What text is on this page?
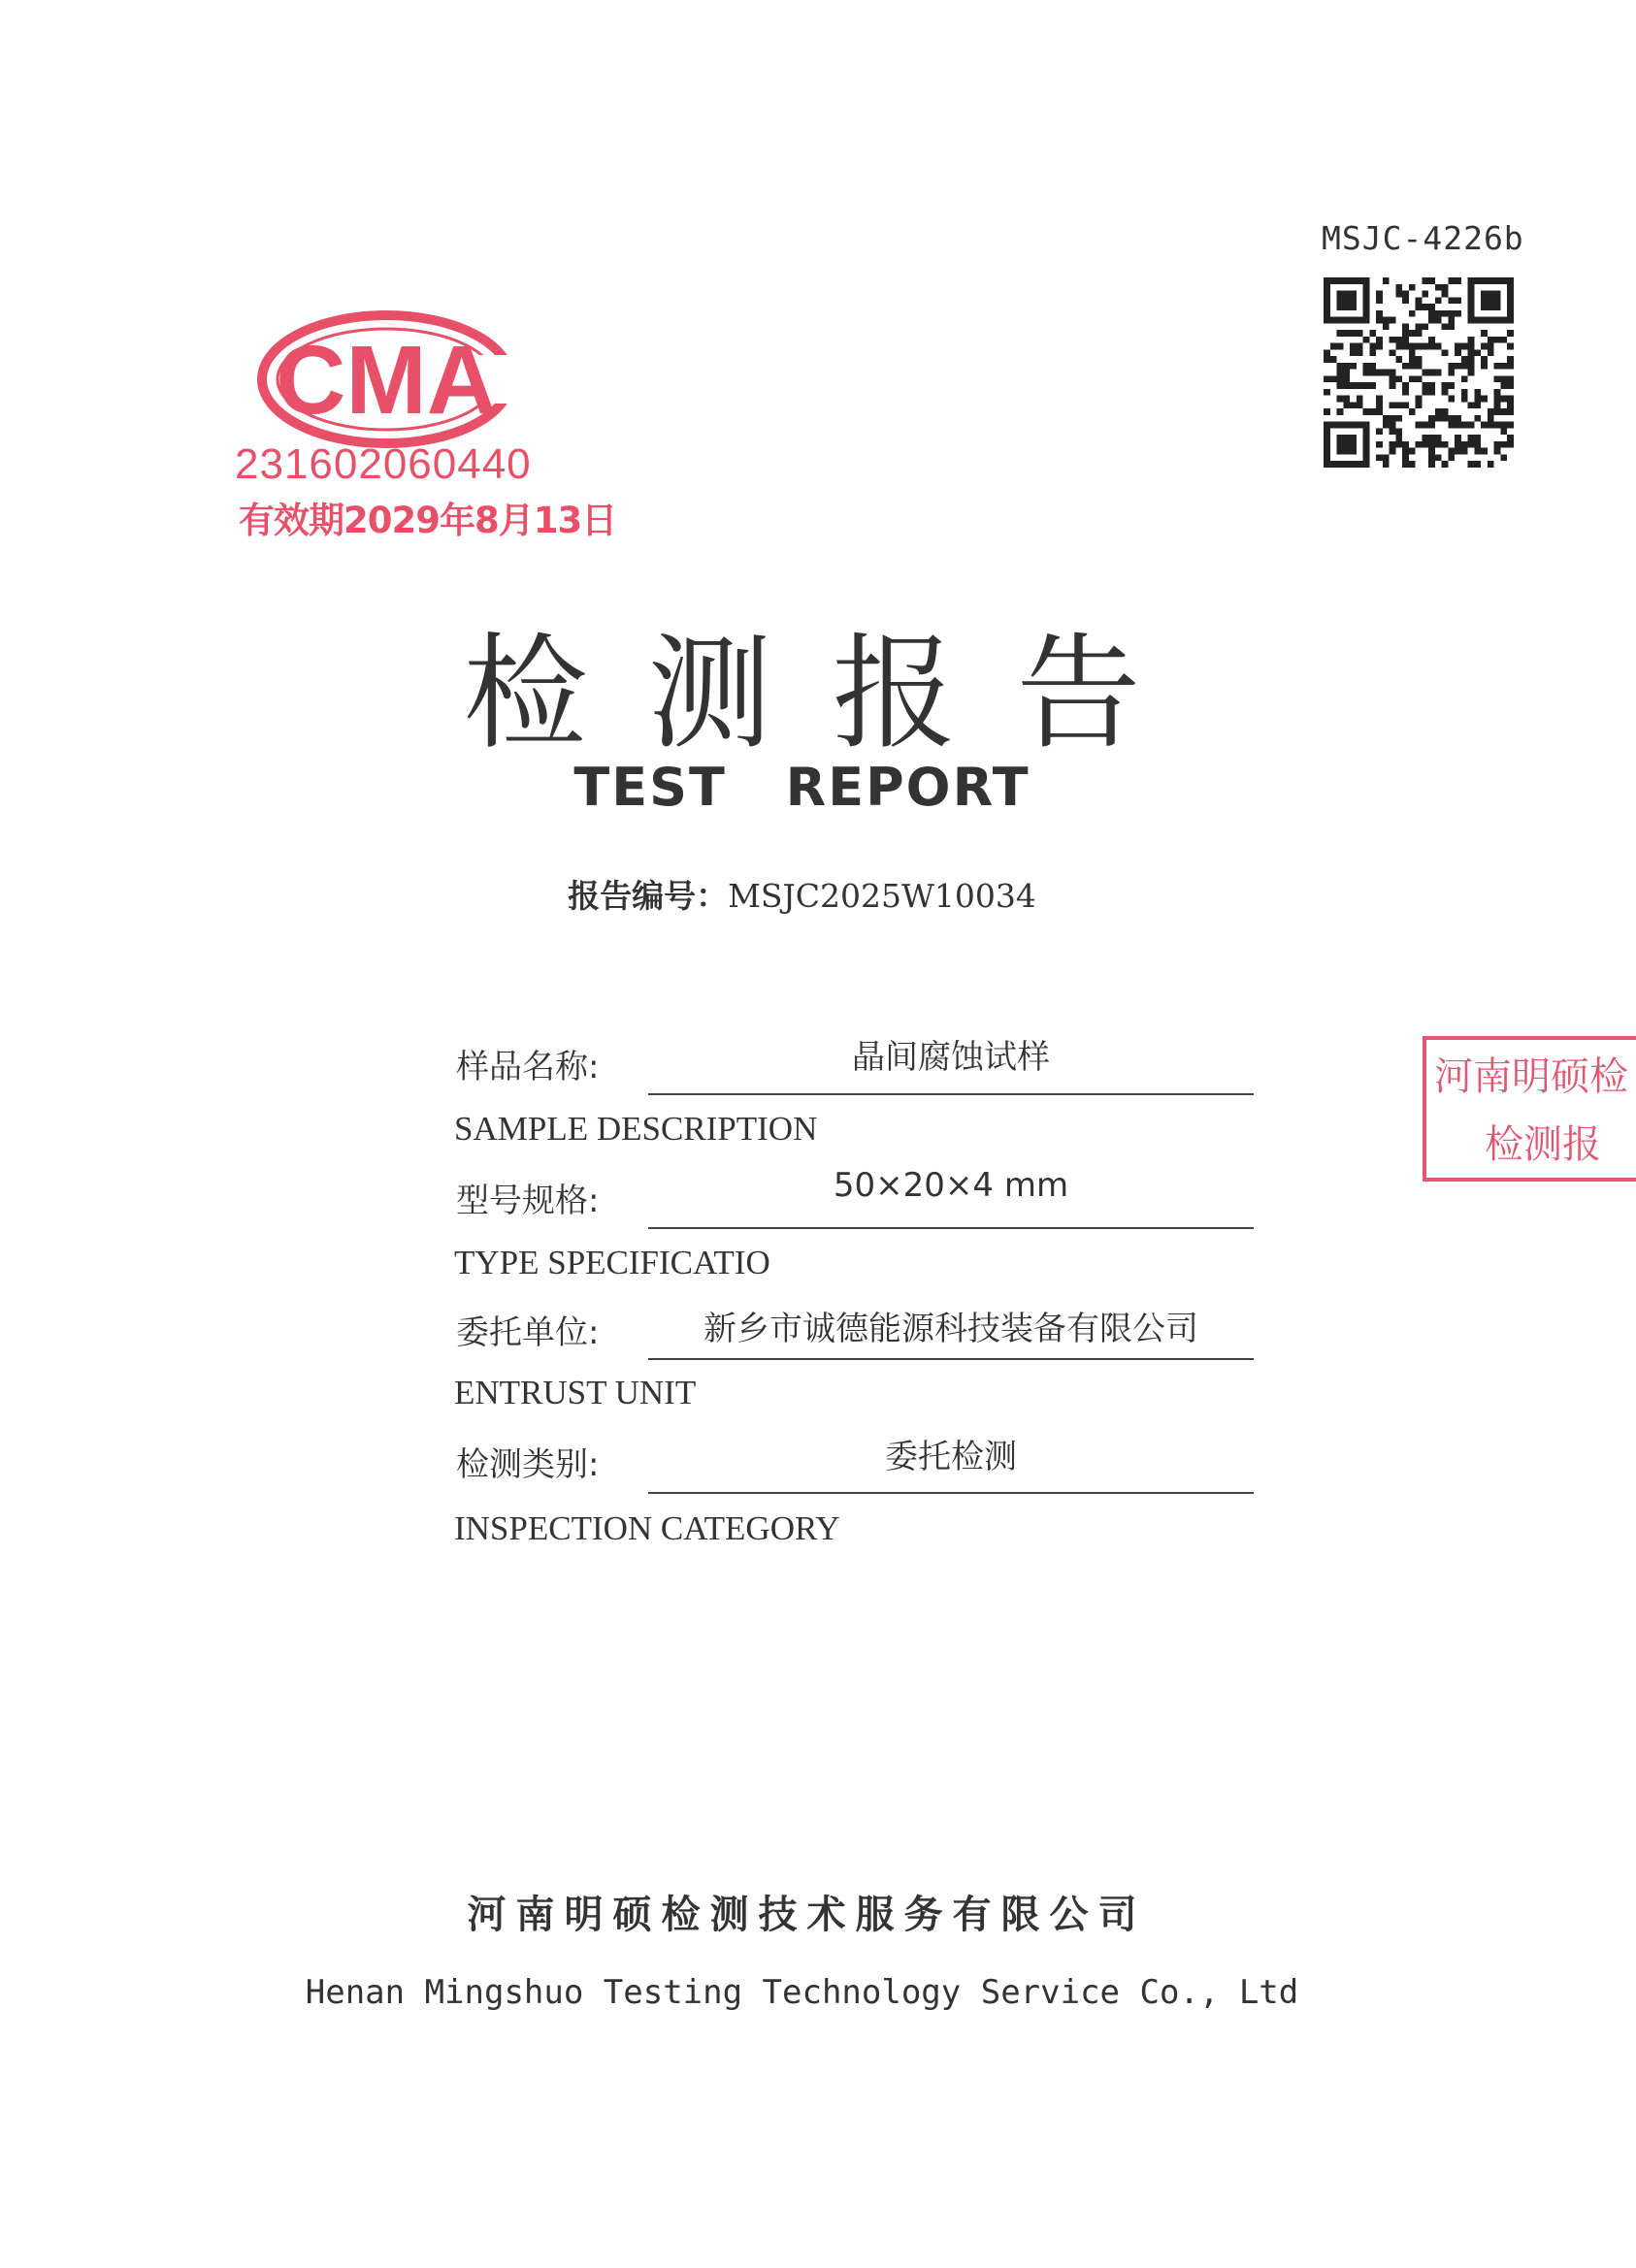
MSJC-4226b
CMA
231602060440
有效期2029年8月13日
检测报告
TEST REPORT
报告编号：MSJC2025W10034
样品名称:	晶间腐蚀试样
SAMPLE DESCRIPTION
型号规格:	50×20×4 mm
TYPE SPECIFICATIO
委托单位:	新乡市诚德能源科技装备有限公司
ENTRUST UNIT
检测类别:	委托检测
INSPECTION CATEGORY
河南明硕检
检测报
河南明硕检测技术服务有限公司
Henan Mingshuo Testing Technology Service Co., Ltd
